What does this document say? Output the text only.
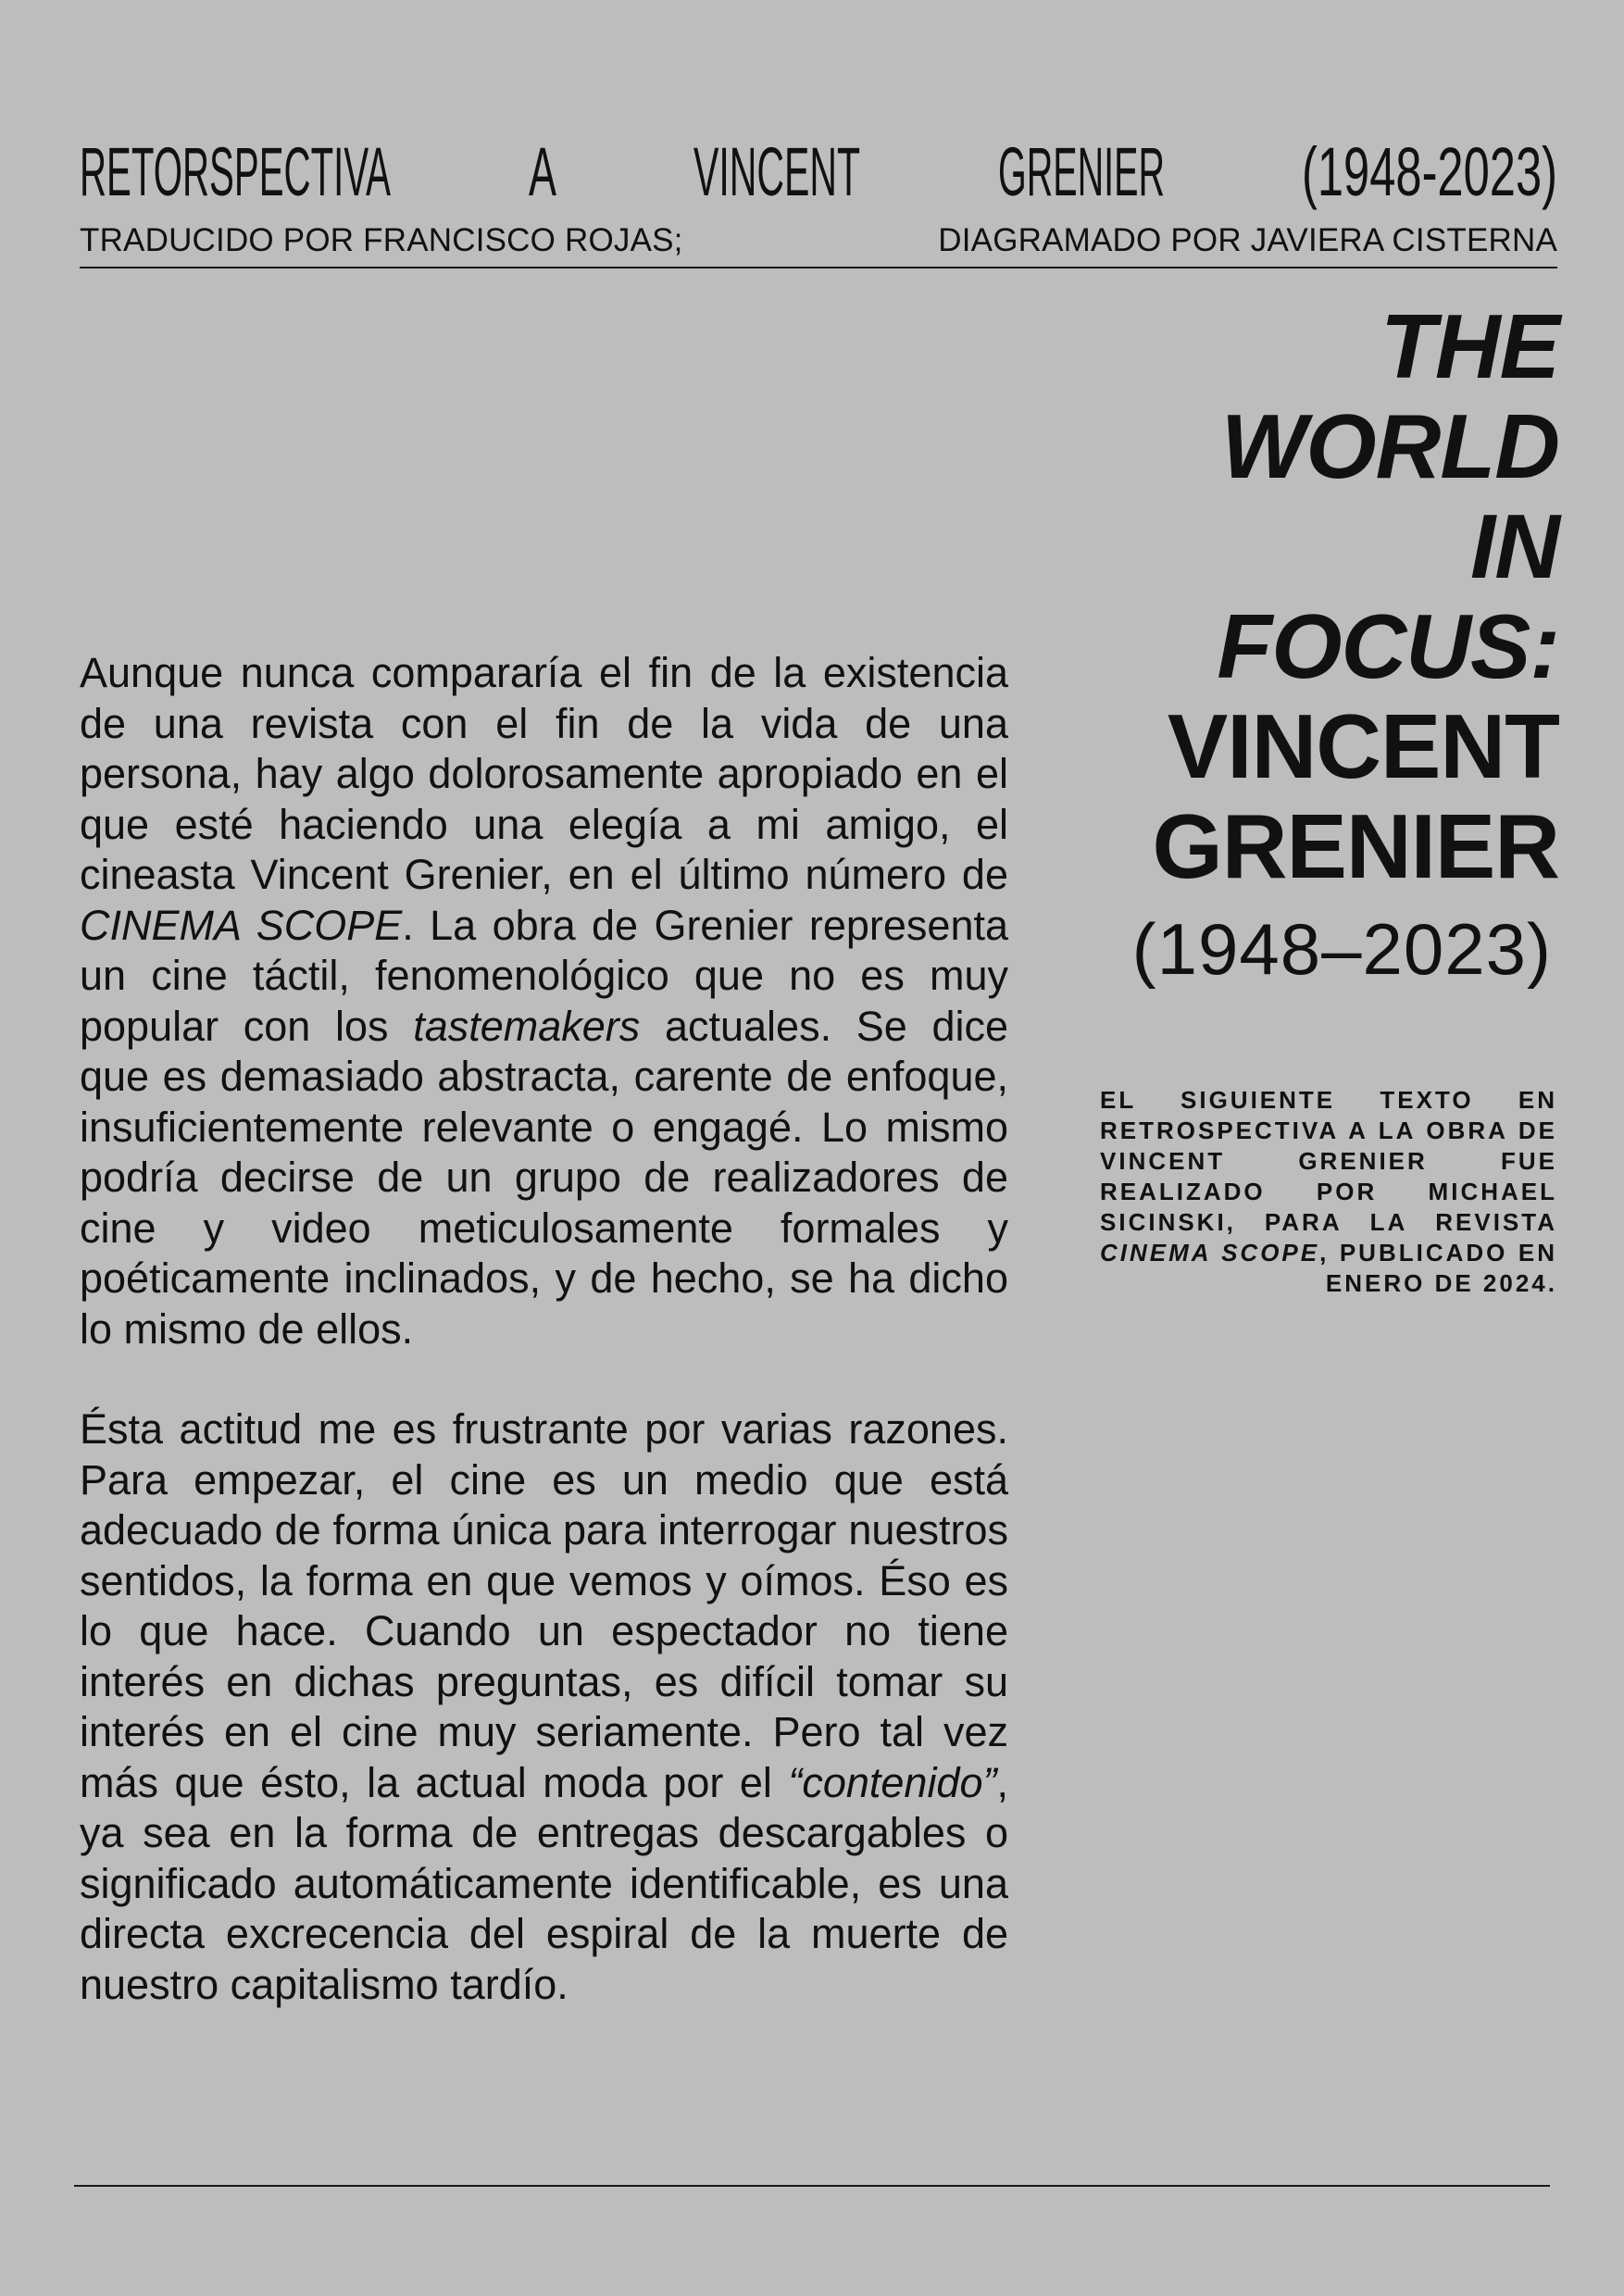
RETORSPECTIVA A VINCENT GRENIER (1948-2023)
TRADUCIDO POR FRANCISCO ROJAS;	DIAGRAMADO POR JAVIERA CISTERNA
THE
WORLD
IN
FOCUS:
VINCENT
GRENIER
(1948–2023)
EL SIGUIENTE TEXTO EN RETROSPECTIVA A LA OBRA DE VINCENT GRENIER FUE REALIZADO POR MICHAEL SICINSKI, PARA LA REVISTA CINEMA SCOPE, PUBLICADO EN ENERO DE 2024.

Aunque nunca compararía el fin de la existencia de una revista con el fin de la vida de una persona, hay algo dolorosamente apropiado en el que esté haciendo una elegía a mi amigo, el cineasta Vincent Grenier, en el último número de CINEMA SCOPE. La obra de Grenier representa un cine táctil, fenomenológico que no es muy popular con los tastemakers actuales. Se dice que es demasiado abstracta, carente de enfoque, insuficientemente relevante o engagé. Lo mismo podría decirse de un grupo de realizadores de cine y video meticulosamente formales y poéticamente inclinados, y de hecho, se ha dicho lo mismo de ellos.

Ésta actitud me es frustrante por varias razones. Para empezar, el cine es un medio que está adecuado de forma única para interrogar nuestros sentidos, la forma en que vemos y oímos. Éso es lo que hace. Cuando un espectador no tiene interés en dichas preguntas, es difícil tomar su interés en el cine muy seriamente. Pero tal vez más que ésto, la actual moda por el “contenido”, ya sea en la forma de entregas descargables o significado automáticamente identificable, es una directa excrecencia del espiral de la muerte de nuestro capitalismo tardío.
